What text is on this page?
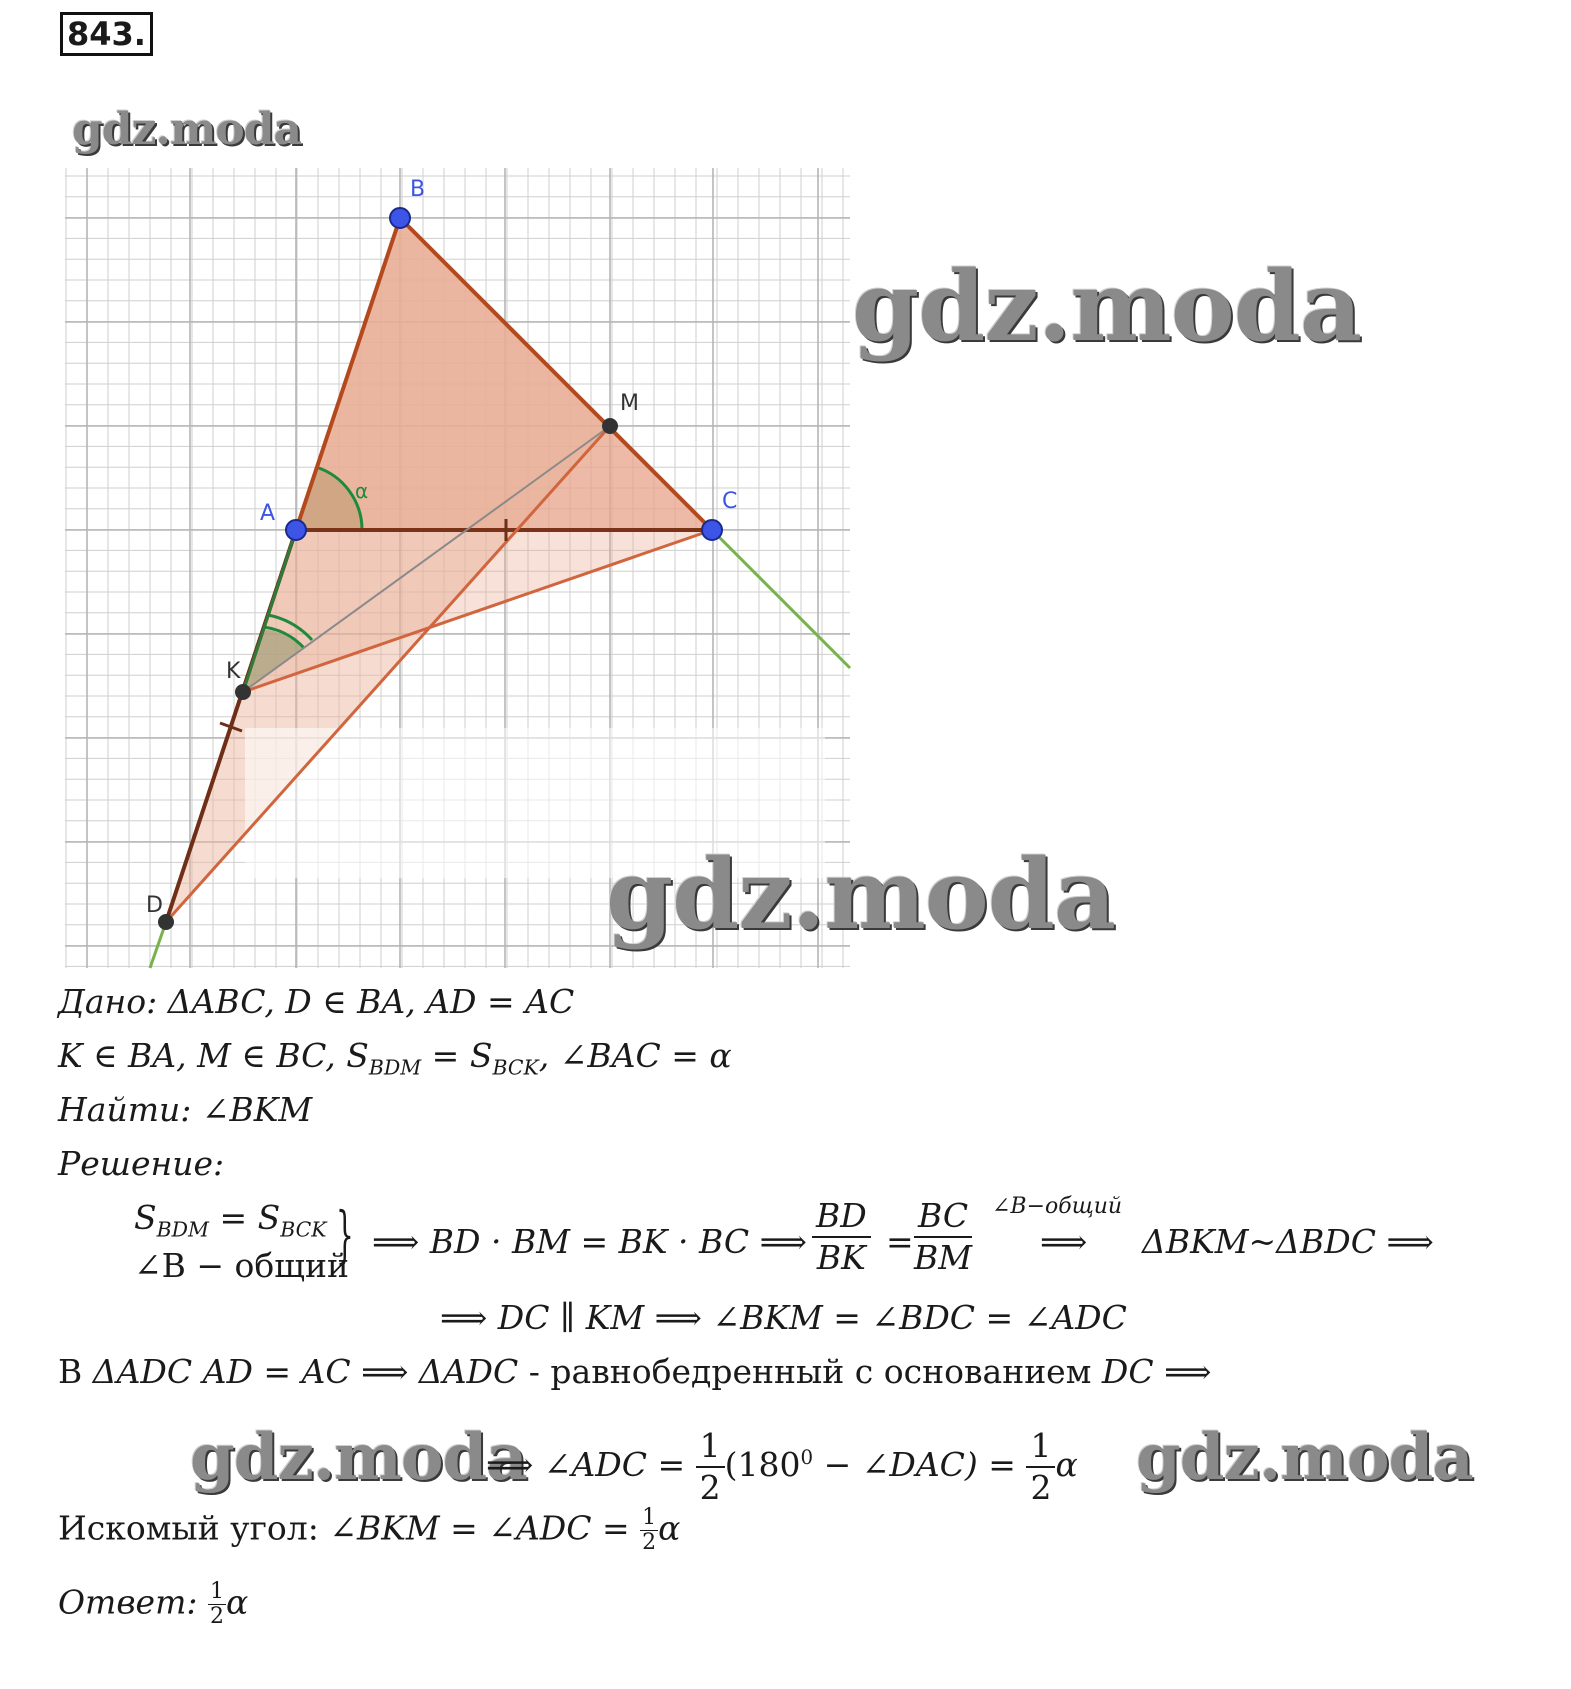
843.
gdz.moda
B
A	C
M
K
D
α
gdz.moda
gdz.moda
Дано: ΔABC, D ∈ BA, AD = AC
K ∈ BA, M ∈ BC, $S_{BDM} = S_{BCK}$, ∠BAC = α
Найти: ∠BKM
Решение:
$S_{BDM} = S_{BCK}$
∠B − общий
} ⟹ BD · BM = BK · BC ⟹ $\frac{BD}{BK} = \frac{BC}{BM}$ ∠B−общий
⟹ ΔBKM~ΔBDC ⟹
⟹ DC ∥ KM ⟹ ∠BKM = ∠BDC = ∠ADC
В ΔADC AD = AC ⟹ ΔADC - равнобедренный с основанием DC ⟹
gdz.moda
⟹ ∠ADC = $\frac{1}{2} (180^0$ − ∠DAC) = $\frac{1}{2}$ α gdz.moda
Искомый угол: ∠BKM = ∠ADC = $\frac{1}{2}$ α
Ответ: $\frac{1}{2}$ α
